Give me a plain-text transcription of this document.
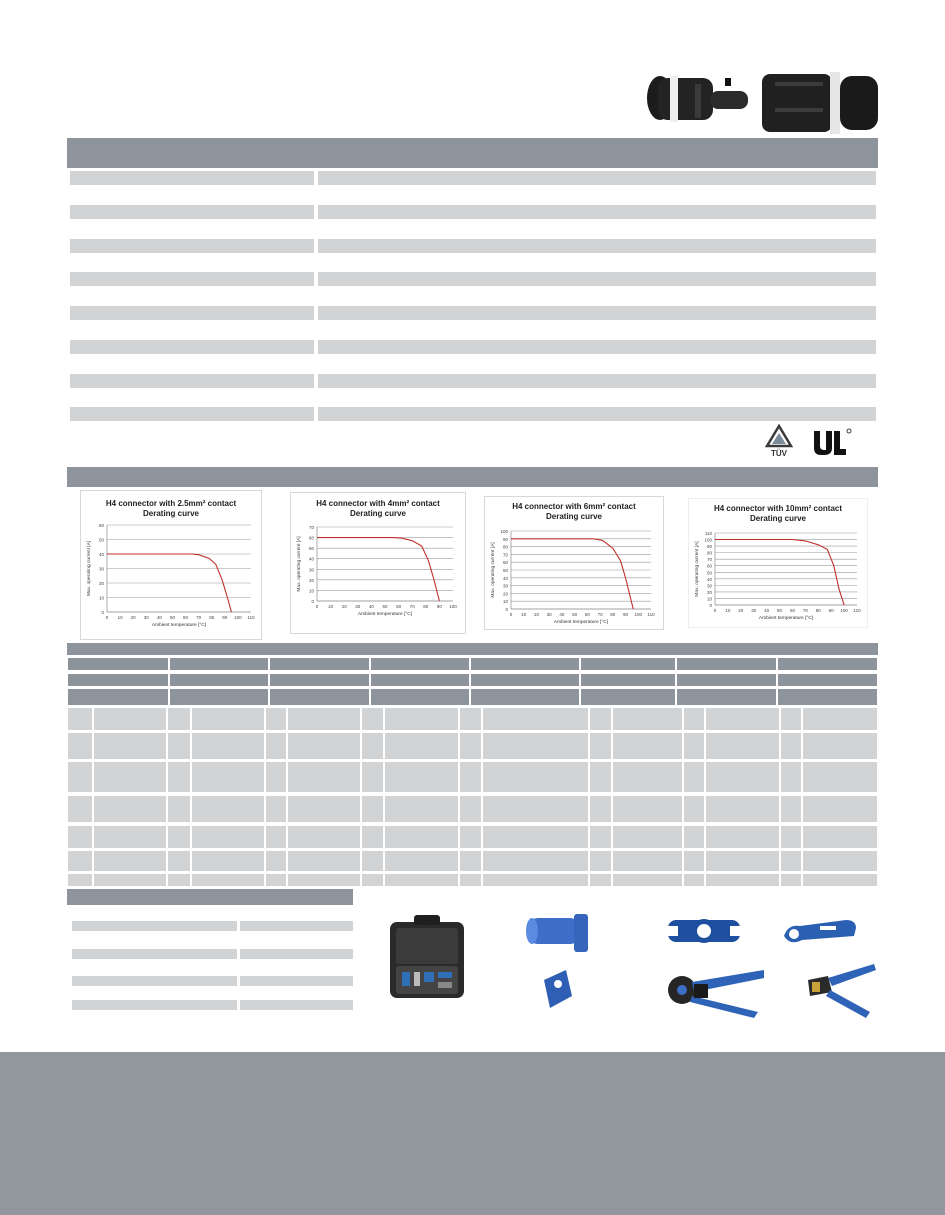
TÜV
H4 connector with 2.5mm² contact
Derating curve
0
10
20
30
40
50
60
0 10 20 30 40 50 60 70 80 90 100 110
Ambient temperature [°C]
Max. operating current [A]
H4 connector with 4mm² contact
Derating curve
0
10
20
30
40
50
60
70
0 10 20 30 40 50 60 70 80 90 100
Ambient temperature [°C]
Max. operating current [A]
H4 connector with 6mm² contact
Derating curve
0
10
20
30
40
50
60
70
80
90
100
0 10 20 30 40 50 60 70 80 90 100 110
Ambient temperature [°C]
Max. operating current [A]
H4 connector with 10mm² contact
Derating curve
0
10
20
30
40
50
60
70
80
90
100
110
0 10 20 30 40 50 60 70 80 90 100 110
Ambient temperature [°C]
Max. operating current [A]
